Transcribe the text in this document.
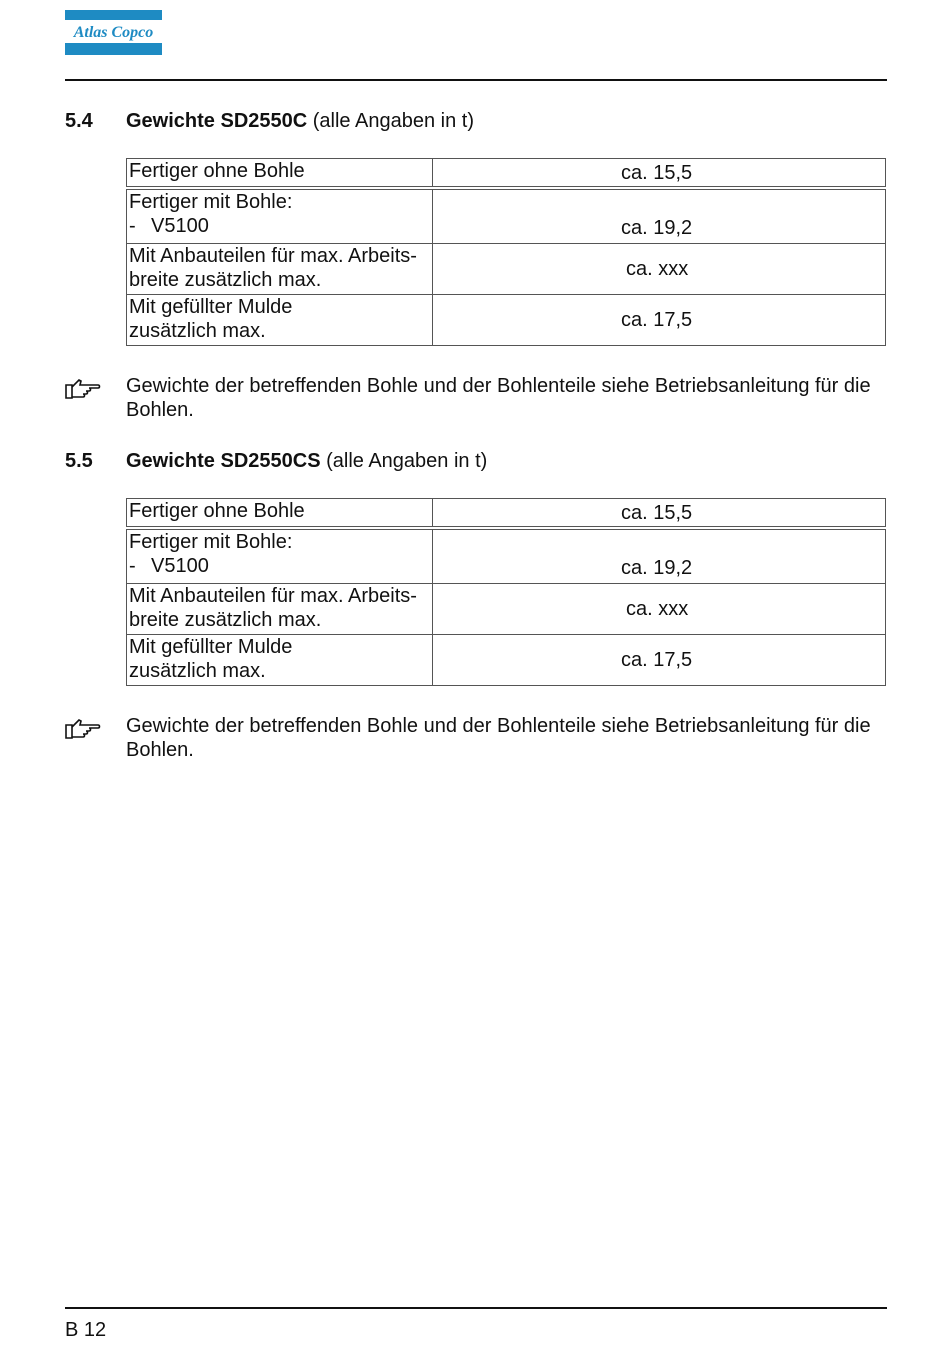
Atlas Copco
5.4 Gewichte SD2550C (alle Angaben in t)
Fertiger ohne Bohle	ca. 15,5

Fertiger mit Bohle:
- V5100	ca. 19,2

Mit Anbauteilen für max. Arbeits-
breite zusätzlich max.	ca. xxx

Mit gefüllter Mulde
zusätzlich max.	ca. 17,5
Gewichte der betreffenden Bohle und der Bohlenteile siehe Betriebsanleitung für die Bohlen.
5.5 Gewichte SD2550CS (alle Angaben in t)
Fertiger ohne Bohle	ca. 15,5

Fertiger mit Bohle:
- V5100	ca. 19,2

Mit Anbauteilen für max. Arbeits-
breite zusätzlich max.	ca. xxx

Mit gefüllter Mulde
zusätzlich max.	ca. 17,5
Gewichte der betreffenden Bohle und der Bohlenteile siehe Betriebsanleitung für die Bohlen.
B 12
